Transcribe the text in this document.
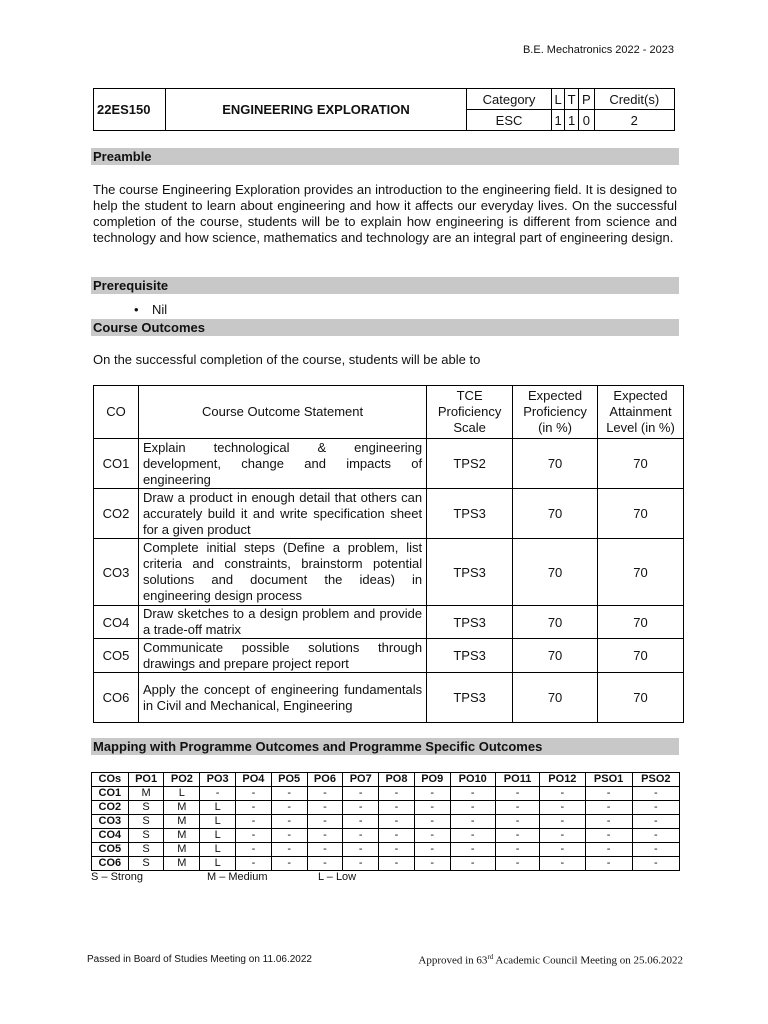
B.E. Mechatronics 2022 - 2023
22ES150	ENGINEERING EXPLORATION	Category	L	T	P	Credit(s)
		ESC	1	1	0	2
Preamble
The course Engineering Exploration provides an introduction to the engineering field. It is designed to help the student to learn about engineering and how it affects our everyday lives. On the successful completion of the course, students will be to explain how engineering is different from science and technology and how science, mathematics and technology are an integral part of engineering design.
Prerequisite
• Nil
Course Outcomes
On the successful completion of the course, students will be able to
CO	Course Outcome Statement	TCE Proficiency Scale	Expected Proficiency (in %)	Expected Attainment Level (in %)
CO1	Explain technological & engineering development, change and impacts of engineering	TPS2	70	70
CO2	Draw a product in enough detail that others can accurately build it and write specification sheet for a given product	TPS3	70	70
CO3	Complete initial steps (Define a problem, list criteria and constraints, brainstorm potential solutions and document the ideas) in engineering design process	TPS3	70	70
CO4	Draw sketches to a design problem and provide a trade-off matrix	TPS3	70	70
CO5	Communicate possible solutions through drawings and prepare project report	TPS3	70	70
CO6	Apply the concept of engineering fundamentals in Civil and Mechanical, Engineering	TPS3	70	70
Mapping with Programme Outcomes and Programme Specific Outcomes
COs	PO1	PO2	PO3	PO4	PO5	PO6	PO7	PO8	PO9	PO10	PO11	PO12	PSO1	PSO2
CO1	M	L	-	-	-	-	-	-	-	-	-	-	-	-
CO2	S	M	L	-	-	-	-	-	-	-	-	-	-	-
CO3	S	M	L	-	-	-	-	-	-	-	-	-	-	-
CO4	S	M	L	-	-	-	-	-	-	-	-	-	-	-
CO5	S	M	L	-	-	-	-	-	-	-	-	-	-	-
CO6	S	M	L	-	-	-	-	-	-	-	-	-	-	-
S – Strong	M – Medium	L – Low
Passed in Board of Studies Meeting on 11.06.2022	Approved in 63rd Academic Council Meeting on 25.06.2022
